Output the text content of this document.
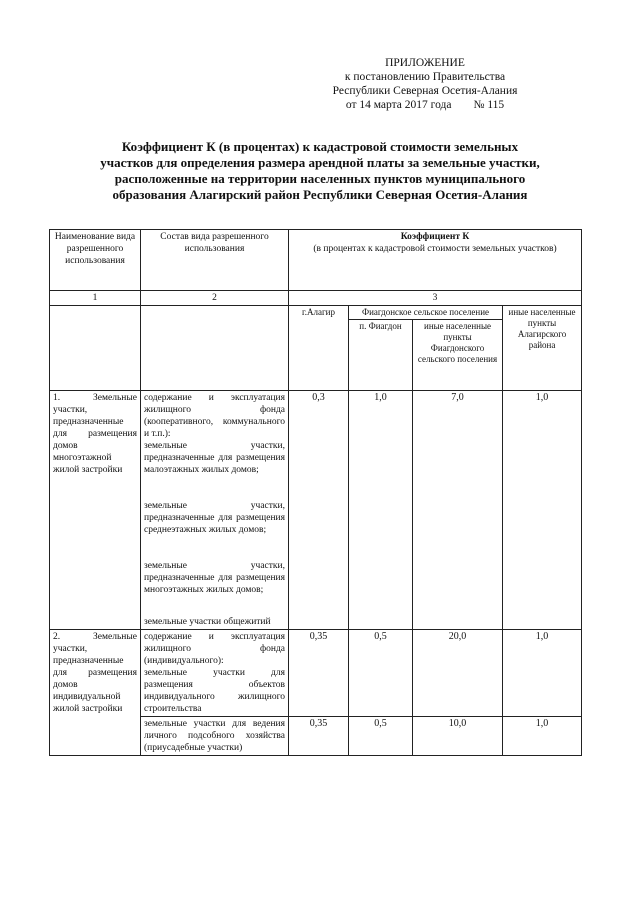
ПРИЛОЖЕНИЕ
к постановлению Правительства
Республики Северная Осетия-Алания
от 14 марта 2017 года № 115
Коэффициент К (в процентах) к кадастровой стоимости земельных
участков для определения размера арендной платы за земельные участки,
расположенные на территории населенных пунктов муниципального
образования Алагирский район Республики Северная Осетия-Алания
Наименование вида разрешенного использования	Состав вида разрешенного использования	Коэффициент К
(в процентах к кадастровой стоимости земельных участков)			

1	2	3			
		г.Алагир	Фиагдонское сельское поселение		иные населенные пункты Алагирского района
			п. Фиагдон	иные населенные пункты Фиагдонского сельского поселения	
1. Земельные участки, предназначенные для размещения домов многоэтажной жилой застройки	содержание и эксплуатация жилищного фонда (кооперативного, коммунального и т.п.):
земельные участки, предназначенные для размещения малоэтажных жилых домов;
земельные участки, предназначенные для размещения среднеэтажных жилых домов;
земельные участки, предназначенные для размещения многоэтажных жилых домов;
земельные участки общежитий	0,3	1,0	7,0	1,0
2. Земельные участки, предназначенные для размещения домов индивидуальной жилой застройки	содержание и эксплуатация жилищного фонда (индивидуального):
земельные участки для размещения объектов индивидуального жилищного строительства	0,35	0,5	20,0	1,0

	земельные участки для ведения личного подсобного хозяйства (приусадебные участки)	0,35	0,5	10,0	1,0
